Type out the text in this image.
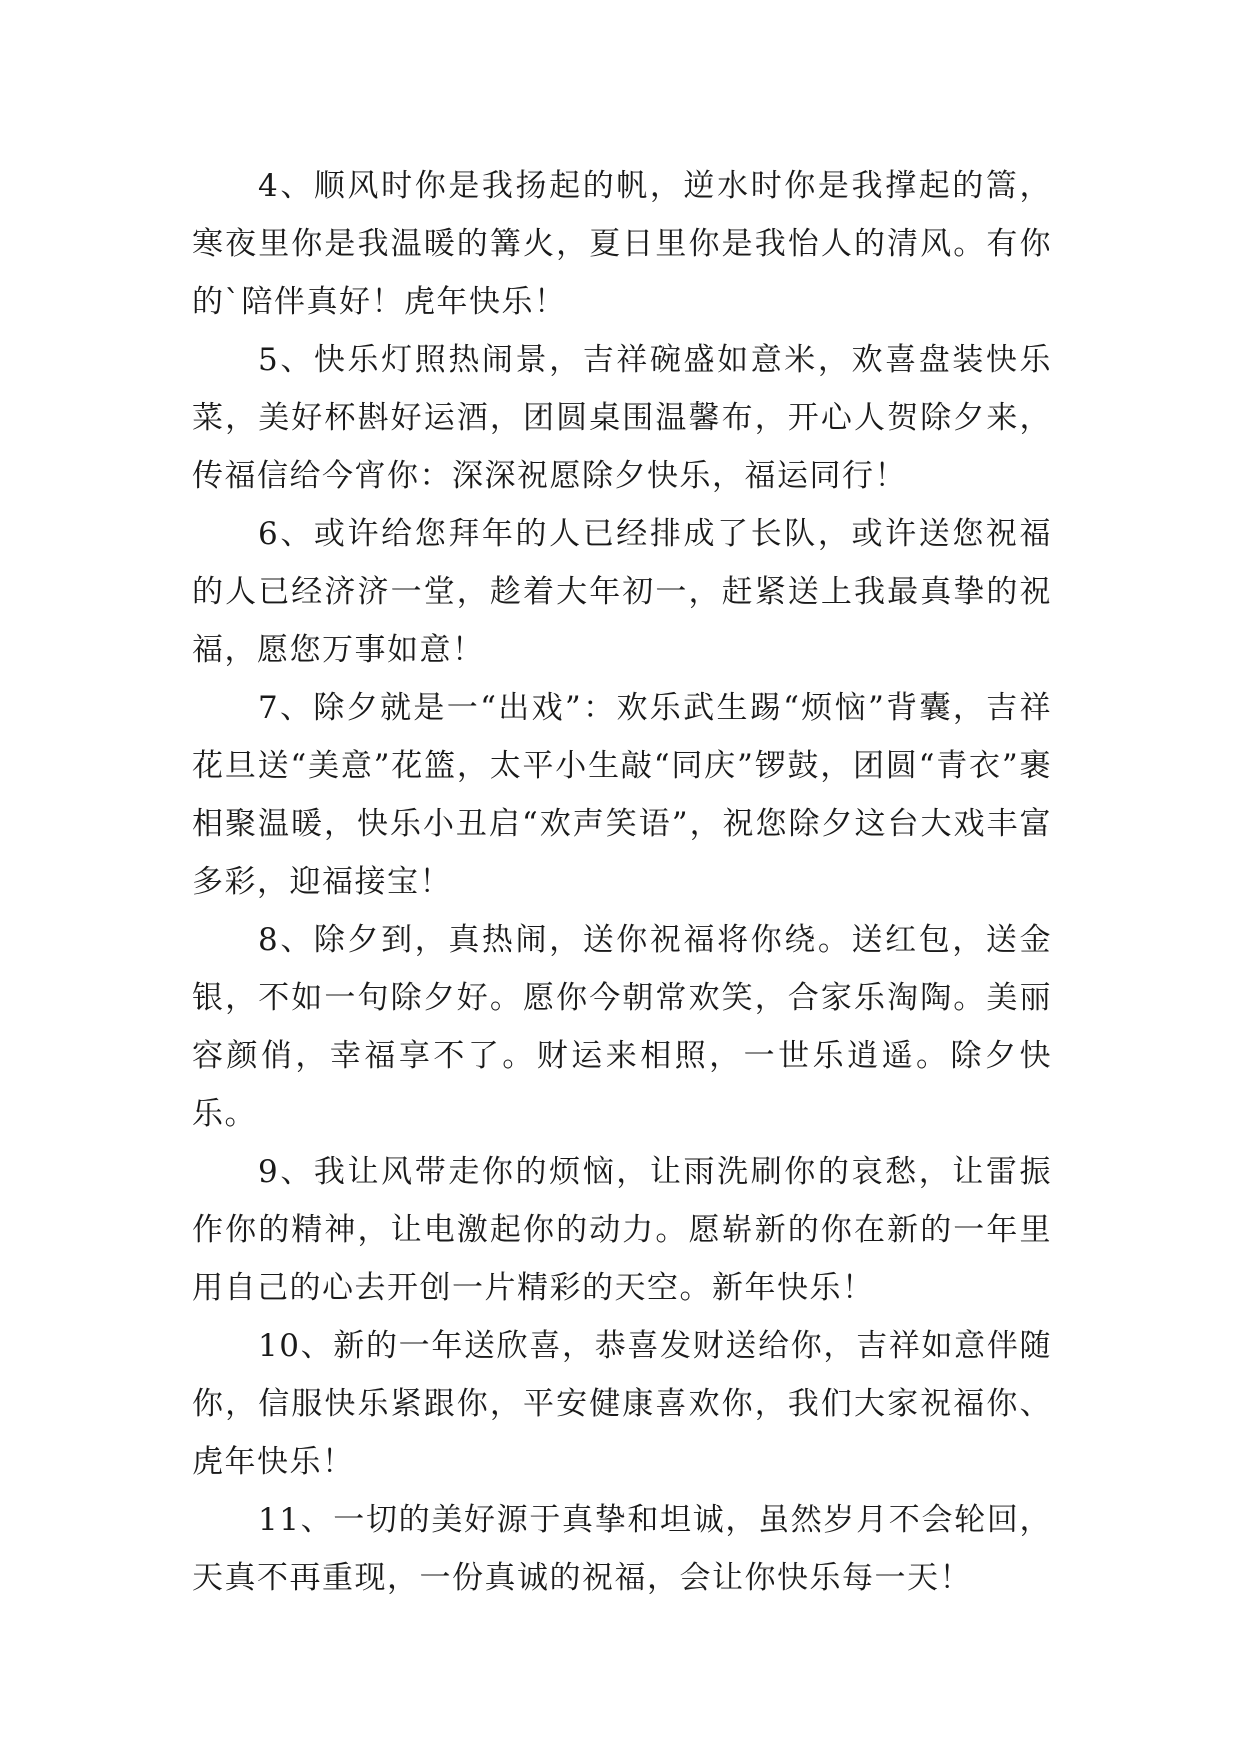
4、顺风时你是我扬起的帆，逆水时你是我撑起的篙，寒夜里你是我温暖的篝火，夏日里你是我怡人的清风。有你的`陪伴真好！虎年快乐！

5、快乐灯照热闹景，吉祥碗盛如意米，欢喜盘装快乐菜，美好杯斟好运酒，团圆桌围温馨布，开心人贺除夕来，传福信给今宵你：深深祝愿除夕快乐，福运同行！

6、或许给您拜年的人已经排成了长队，或许送您祝福的人已经济济一堂，趁着大年初一，赶紧送上我最真挚的祝福，愿您万事如意！

7、除夕就是一“出戏”：欢乐武生踢“烦恼”背囊，吉祥花旦送“美意”花篮，太平小生敲“同庆”锣鼓，团圆“青衣”裹相聚温暖，快乐小丑启“欢声笑语”，祝您除夕这台大戏丰富多彩，迎福接宝！

8、除夕到，真热闹，送你祝福将你绕。送红包，送金银，不如一句除夕好。愿你今朝常欢笑，合家乐淘陶。美丽容颜俏，幸福享不了。财运来相照，一世乐逍遥。除夕快乐。

9、我让风带走你的烦恼，让雨洗刷你的哀愁，让雷振作你的精神，让电激起你的动力。愿崭新的你在新的一年里用自己的心去开创一片精彩的天空。新年快乐！

10、新的一年送欣喜，恭喜发财送给你，吉祥如意伴随你，信服快乐紧跟你，平安健康喜欢你，我们大家祝福你、虎年快乐！

11、一切的美好源于真挚和坦诚，虽然岁月不会轮回，天真不再重现，一份真诚的祝福，会让你快乐每一天！
